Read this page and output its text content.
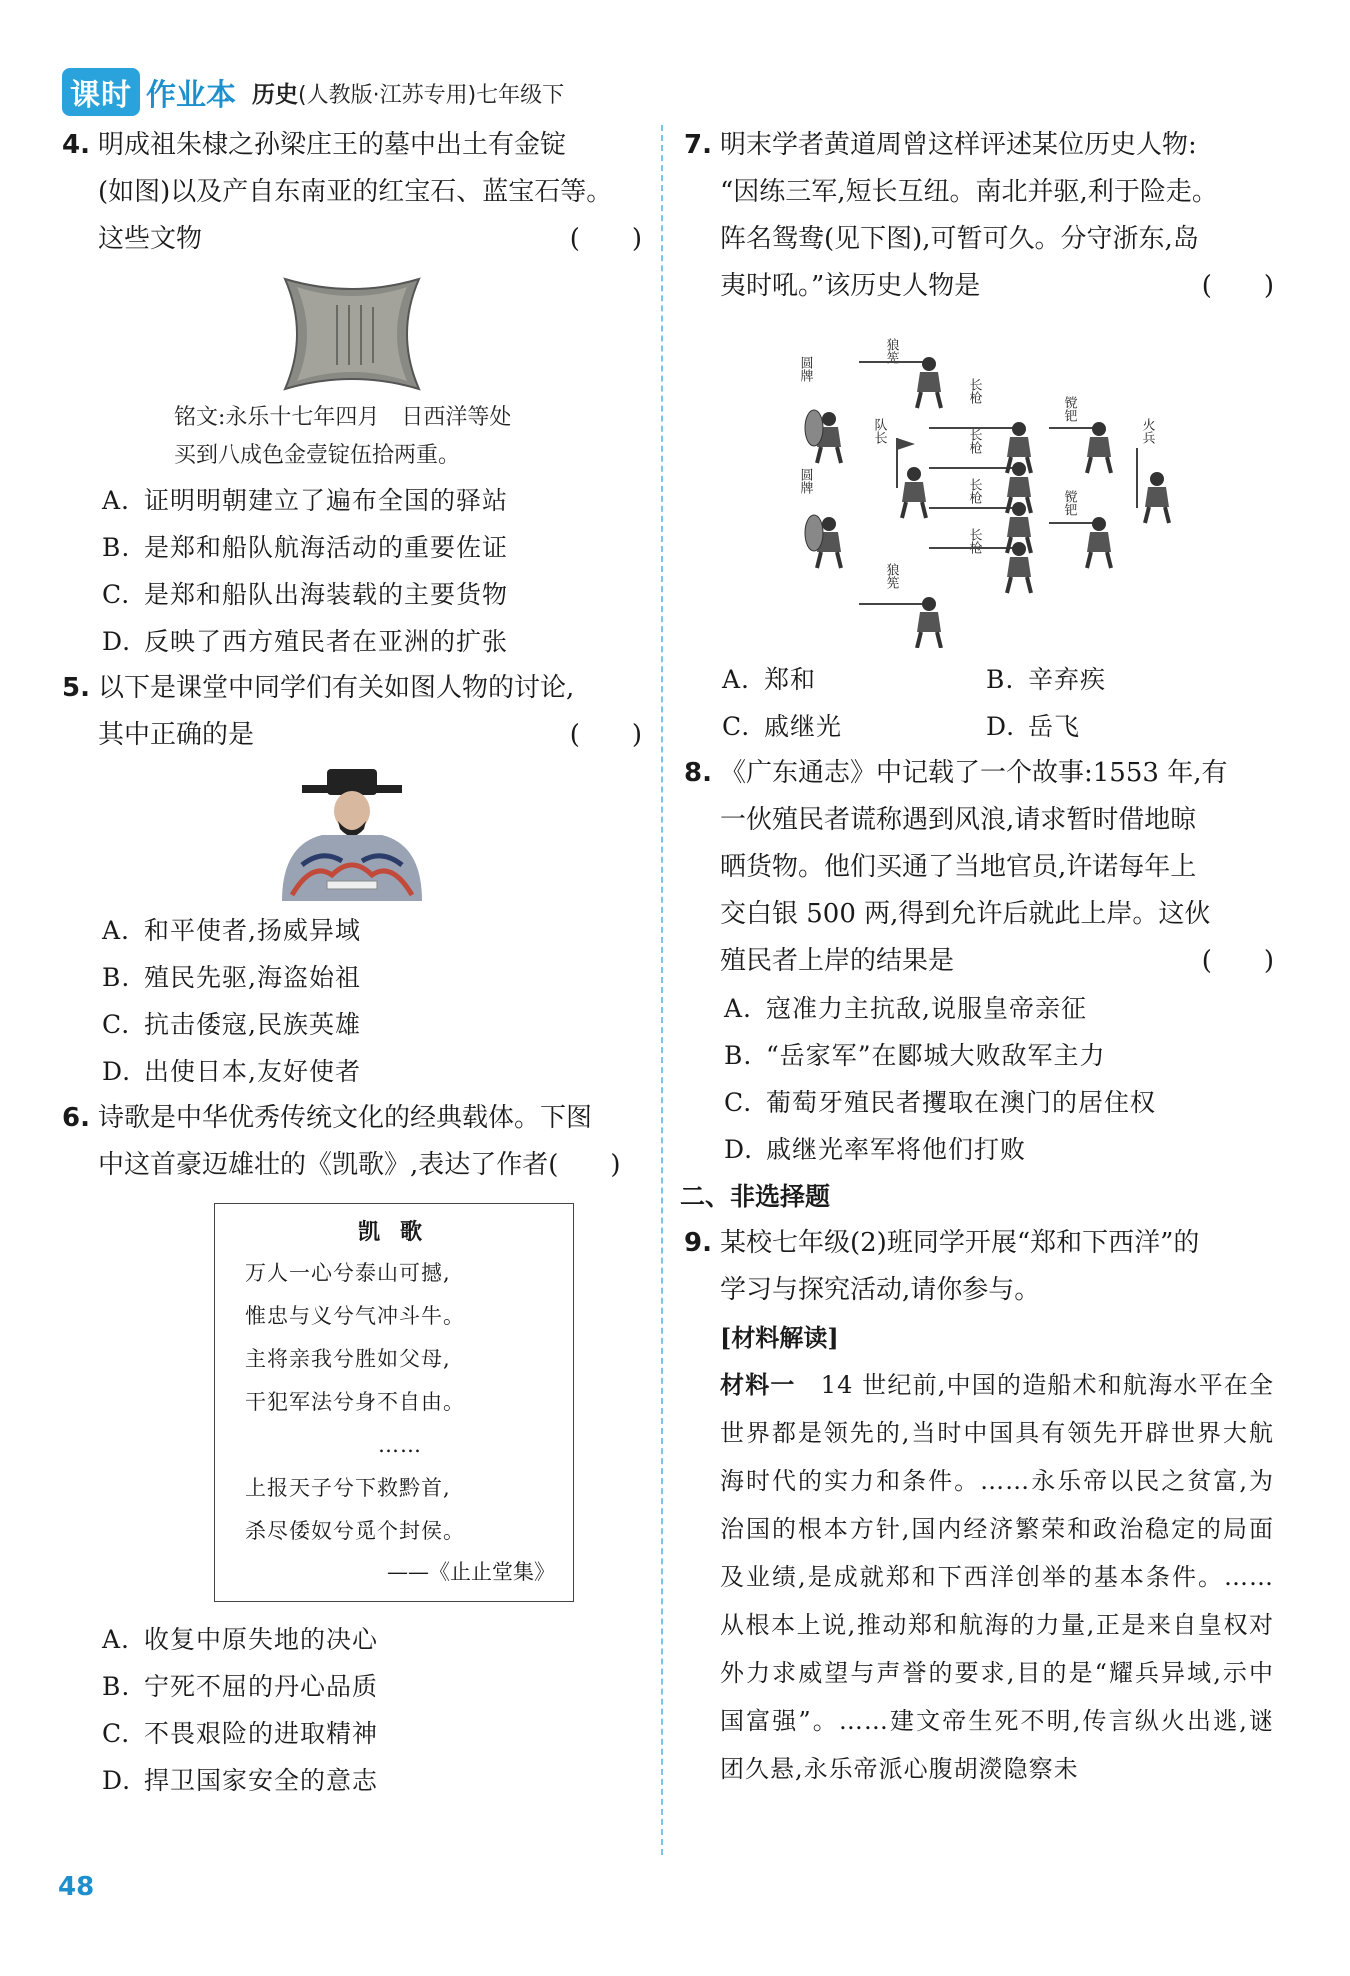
课时 作业本 历史(人教版·江苏专用)七年级下

4. 明成祖朱棣之孙梁庄王的墓中出土有金锭

(如图)以及产自东南亚的红宝石、蓝宝石等。

这些文物	(　　)

铭文:永乐十七年四月　日西洋等处
买到八成色金壹锭伍拾两重。
A. 证明明朝建立了遍布全国的驿站
B. 是郑和船队航海活动的重要佐证
C. 是郑和船队出海装载的主要货物
D. 反映了西方殖民者在亚洲的扩张

5. 以下是课堂中同学们有关如图人物的讨论,

其中正确的是	(　　)

A. 和平使者,扬威异域
B. 殖民先驱,海盗始祖
C. 抗击倭寇,民族英雄
D. 出使日本,友好使者

6. 诗歌是中华优秀传统文化的经典载体。下图

中这首豪迈雄壮的《凯歌》,表达了作者(　　)

凯歌
万人一心兮泰山可撼,
惟忠与义兮气冲斗牛。
主将亲我兮胜如父母,
干犯军法兮身不自由。
……
上报天子兮下救黔首,
杀尽倭奴兮觅个封侯。
——《止止堂集》
A. 收复中原失地的决心
B. 宁死不屈的丹心品质
C. 不畏艰险的进取精神
D. 捍卫国家安全的意志

7. 明末学者黄道周曾这样评述某位历史人物:

“因练三军,短长互纽。南北并驱,利于险走。

阵名鸳鸯(见下图),可暂可久。分守浙东,岛

夷时吼。”该历史人物是	(　　)

狼筅
圆牌
长枪
队长	长枪
镋钯
火兵
圆牌	长枪	镋钯
长枪
狼筅
A. 郑和	B. 辛弃疾
C. 戚继光	D. 岳飞

8. 《广东通志》中记载了一个故事:1553 年,有

一伙殖民者谎称遇到风浪,请求暂时借地晾

晒货物。他们买通了当地官员,许诺每年上

交白银 500 两,得到允许后就此上岸。这伙

殖民者上岸的结果是	(　　)

A. 寇准力主抗敌,说服皇帝亲征
B. “岳家军”在郾城大败敌军主力
C. 葡萄牙殖民者攫取在澳门的居住权
D. 戚继光率军将他们打败
二、非选择题

9. 某校七年级(2)班同学开展“郑和下西洋”的

学习与探究活动,请你参与。

[材料解读]
材料一　14 世纪前,中国的造船术和航海水平在全世界都是领先的,当时中国具有领先开辟世界大航海时代的实力和条件。……永乐帝以民之贫富,为治国的根本方针,国内经济繁荣和政治稳定的局面及业绩,是成就郑和下西洋创举的基本条件。……从根本上说,推动郑和航海的力量,正是来自皇权对外力求威望与声誉的要求,目的是“耀兵异域,示中国富强”。……建文帝生死不明,传言纵火出逃,谜团久悬,永乐帝派心腹胡濙隐察未
48
